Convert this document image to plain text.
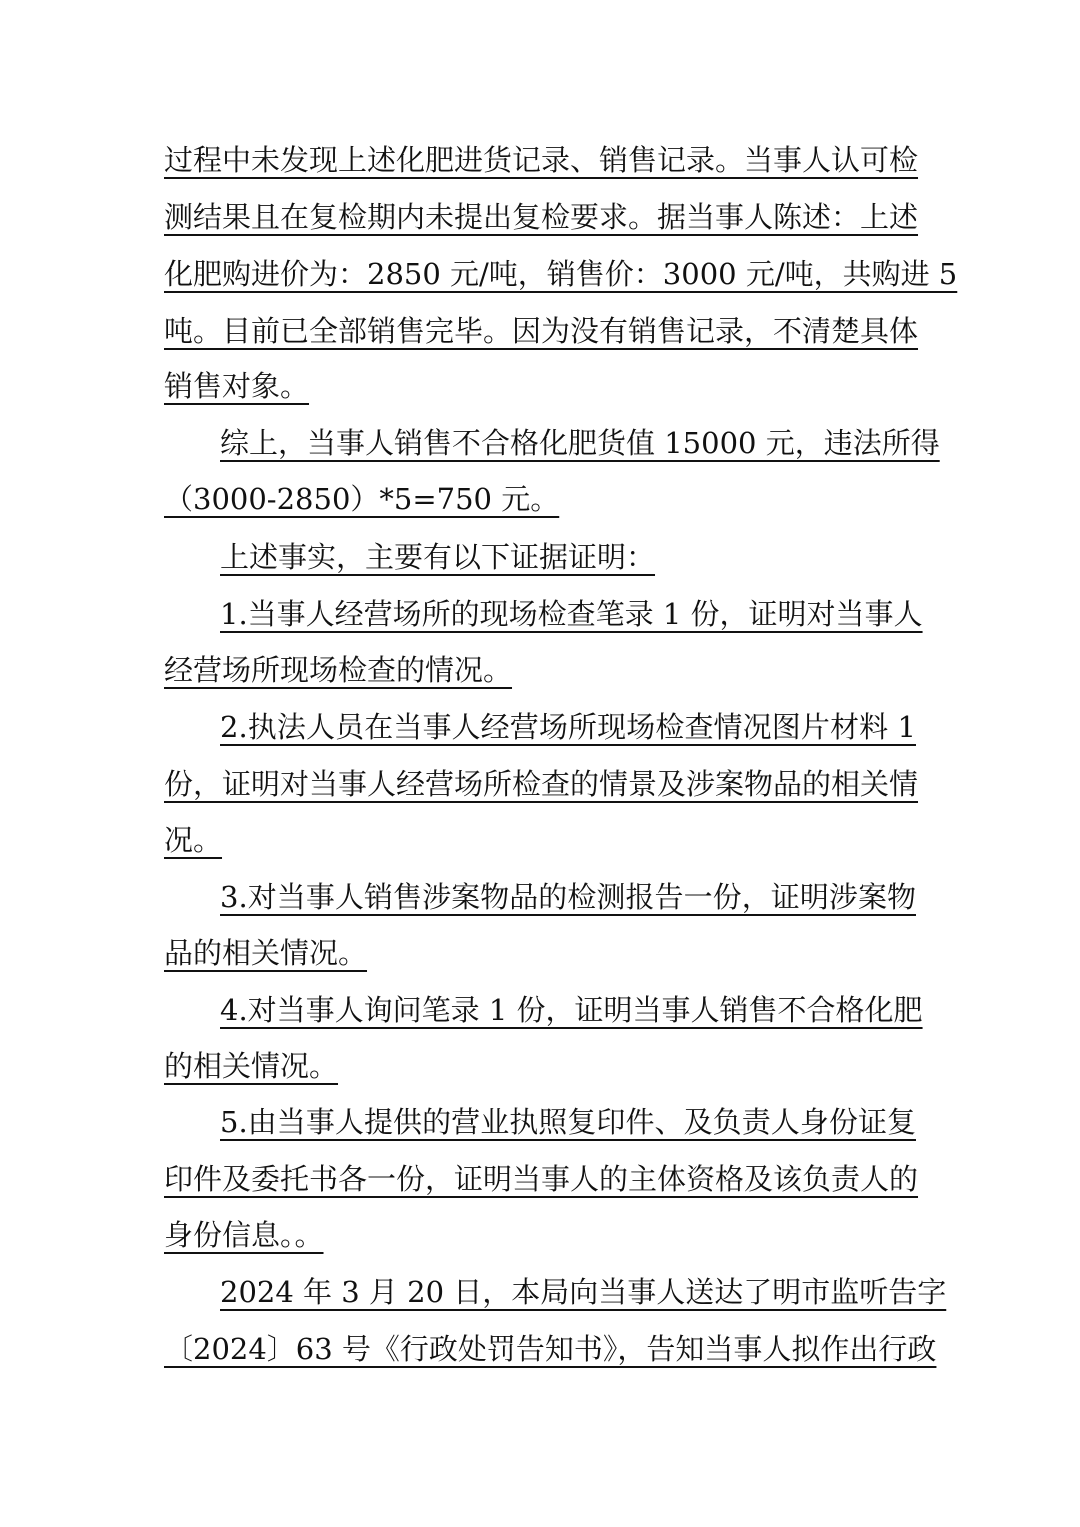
过程中未发现上述化肥进货记录、销售记录。当事人认可检
测结果且在复检期内未提出复检要求。据当事人陈述：上述
化肥购进价为：2850 元/吨，销售价：3000 元/吨，共购进 5
吨。目前已全部销售完毕。因为没有销售记录，不清楚具体
销售对象。
综上，当事人销售不合格化肥货值 15000 元，违法所得
（3000-2850）*5=750 元。
上述事实，主要有以下证据证明：
1.当事人经营场所的现场检查笔录 1 份，证明对当事人
经营场所现场检查的情况。
2.执法人员在当事人经营场所现场检查情况图片材料 1
份，证明对当事人经营场所检查的情景及涉案物品的相关情
况。
3.对当事人销售涉案物品的检测报告一份，证明涉案物
品的相关情况。
4.对当事人询问笔录 1 份，证明当事人销售不合格化肥
的相关情况。
5.由当事人提供的营业执照复印件、及负责人身份证复
印件及委托书各一份，证明当事人的主体资格及该负责人的
身份信息。。
2024 年 3 月 20 日，本局向当事人送达了明市监听告字
〔2024〕63 号《行政处罚告知书》，告知当事人拟作出行政
